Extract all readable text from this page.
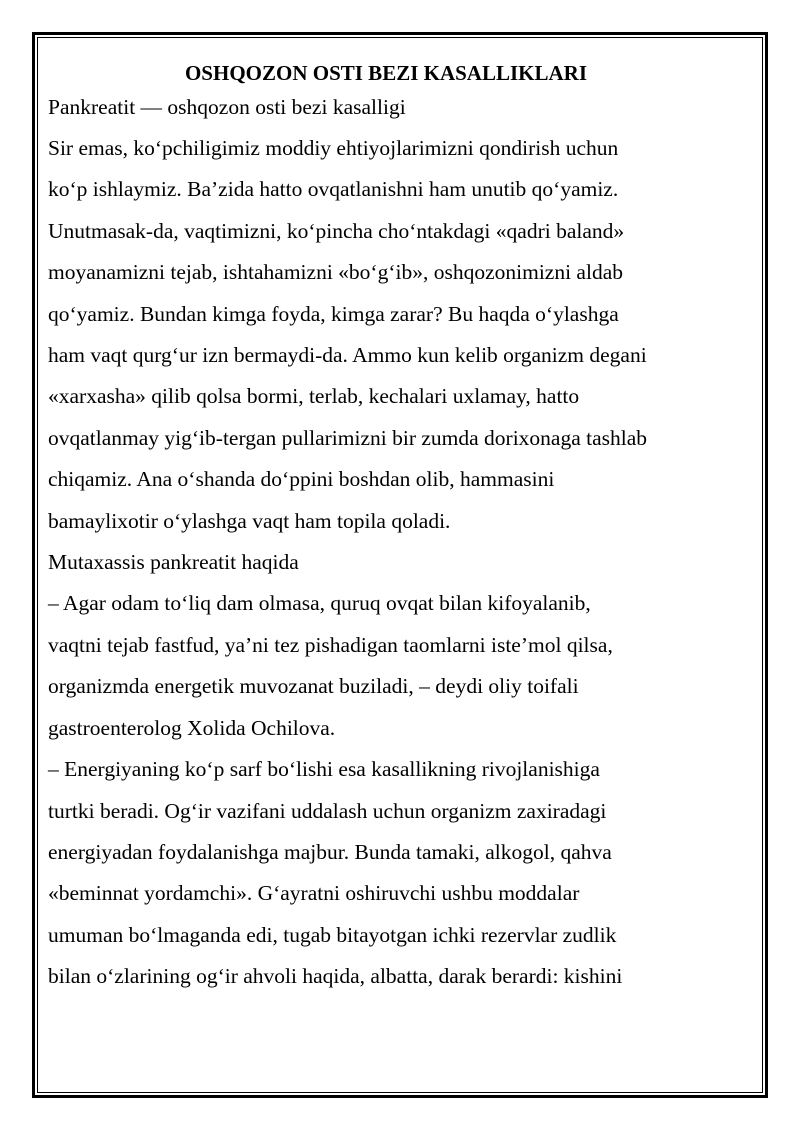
OSHQOZON OSTI BEZI KASALLIKLARI
Pankreatit — oshqozon osti bezi kasalligi
Sir emas, koʻpchiligimiz moddiy ehtiyojlarimizni qondirish uchun
koʻp ishlaymiz. Baʼzida hatto ovqatlanishni ham unutib qoʻyamiz.
Unutmasak-da, vaqtimizni, koʻpincha choʻntakdagi «qadri baland»
moyanamizni tejab, ishtahamizni «boʻgʻib», oshqozonimizni aldab
qoʻyamiz. Bundan kimga foyda, kimga zarar? Bu haqda oʻylashga
ham vaqt qurgʻur izn bermaydi-da. Ammo kun kelib organizm degani
«xarxasha» qilib qolsa bormi, terlab, kechalari uxlamay, hatto
ovqatlanmay yigʻib-tergan pullarimizni bir zumda dorixonaga tashlab
chiqamiz. Ana oʻshanda doʻppini boshdan olib, hammasini
bamaylixotir oʻylashga vaqt ham topila qoladi.
Mutaxassis pankreatit haqida
– Agar odam toʻliq dam olmasa, quruq ovqat bilan kifoyalanib,
vaqtni tejab fastfud, yaʼni tez pishadigan taomlarni isteʼmol qilsa,
organizmda energetik muvozanat buziladi, – deydi oliy toifali
gastroenterolog Xolida Ochilova.
– Energiyaning koʻp sarf boʻlishi esa kasallikning rivojlanishiga
turtki beradi. Ogʻir vazifani uddalash uchun organizm zaxiradagi
energiyadan foydalanishga majbur. Bunda tamaki, alkogol, qahva
«beminnat yordamchi». Gʻayratni oshiruvchi ushbu moddalar
umuman boʻlmaganda edi, tugab bitayotgan ichki rezervlar zudlik
bilan oʻzlarining ogʻir ahvoli haqida, albatta, darak berardi: kishini
